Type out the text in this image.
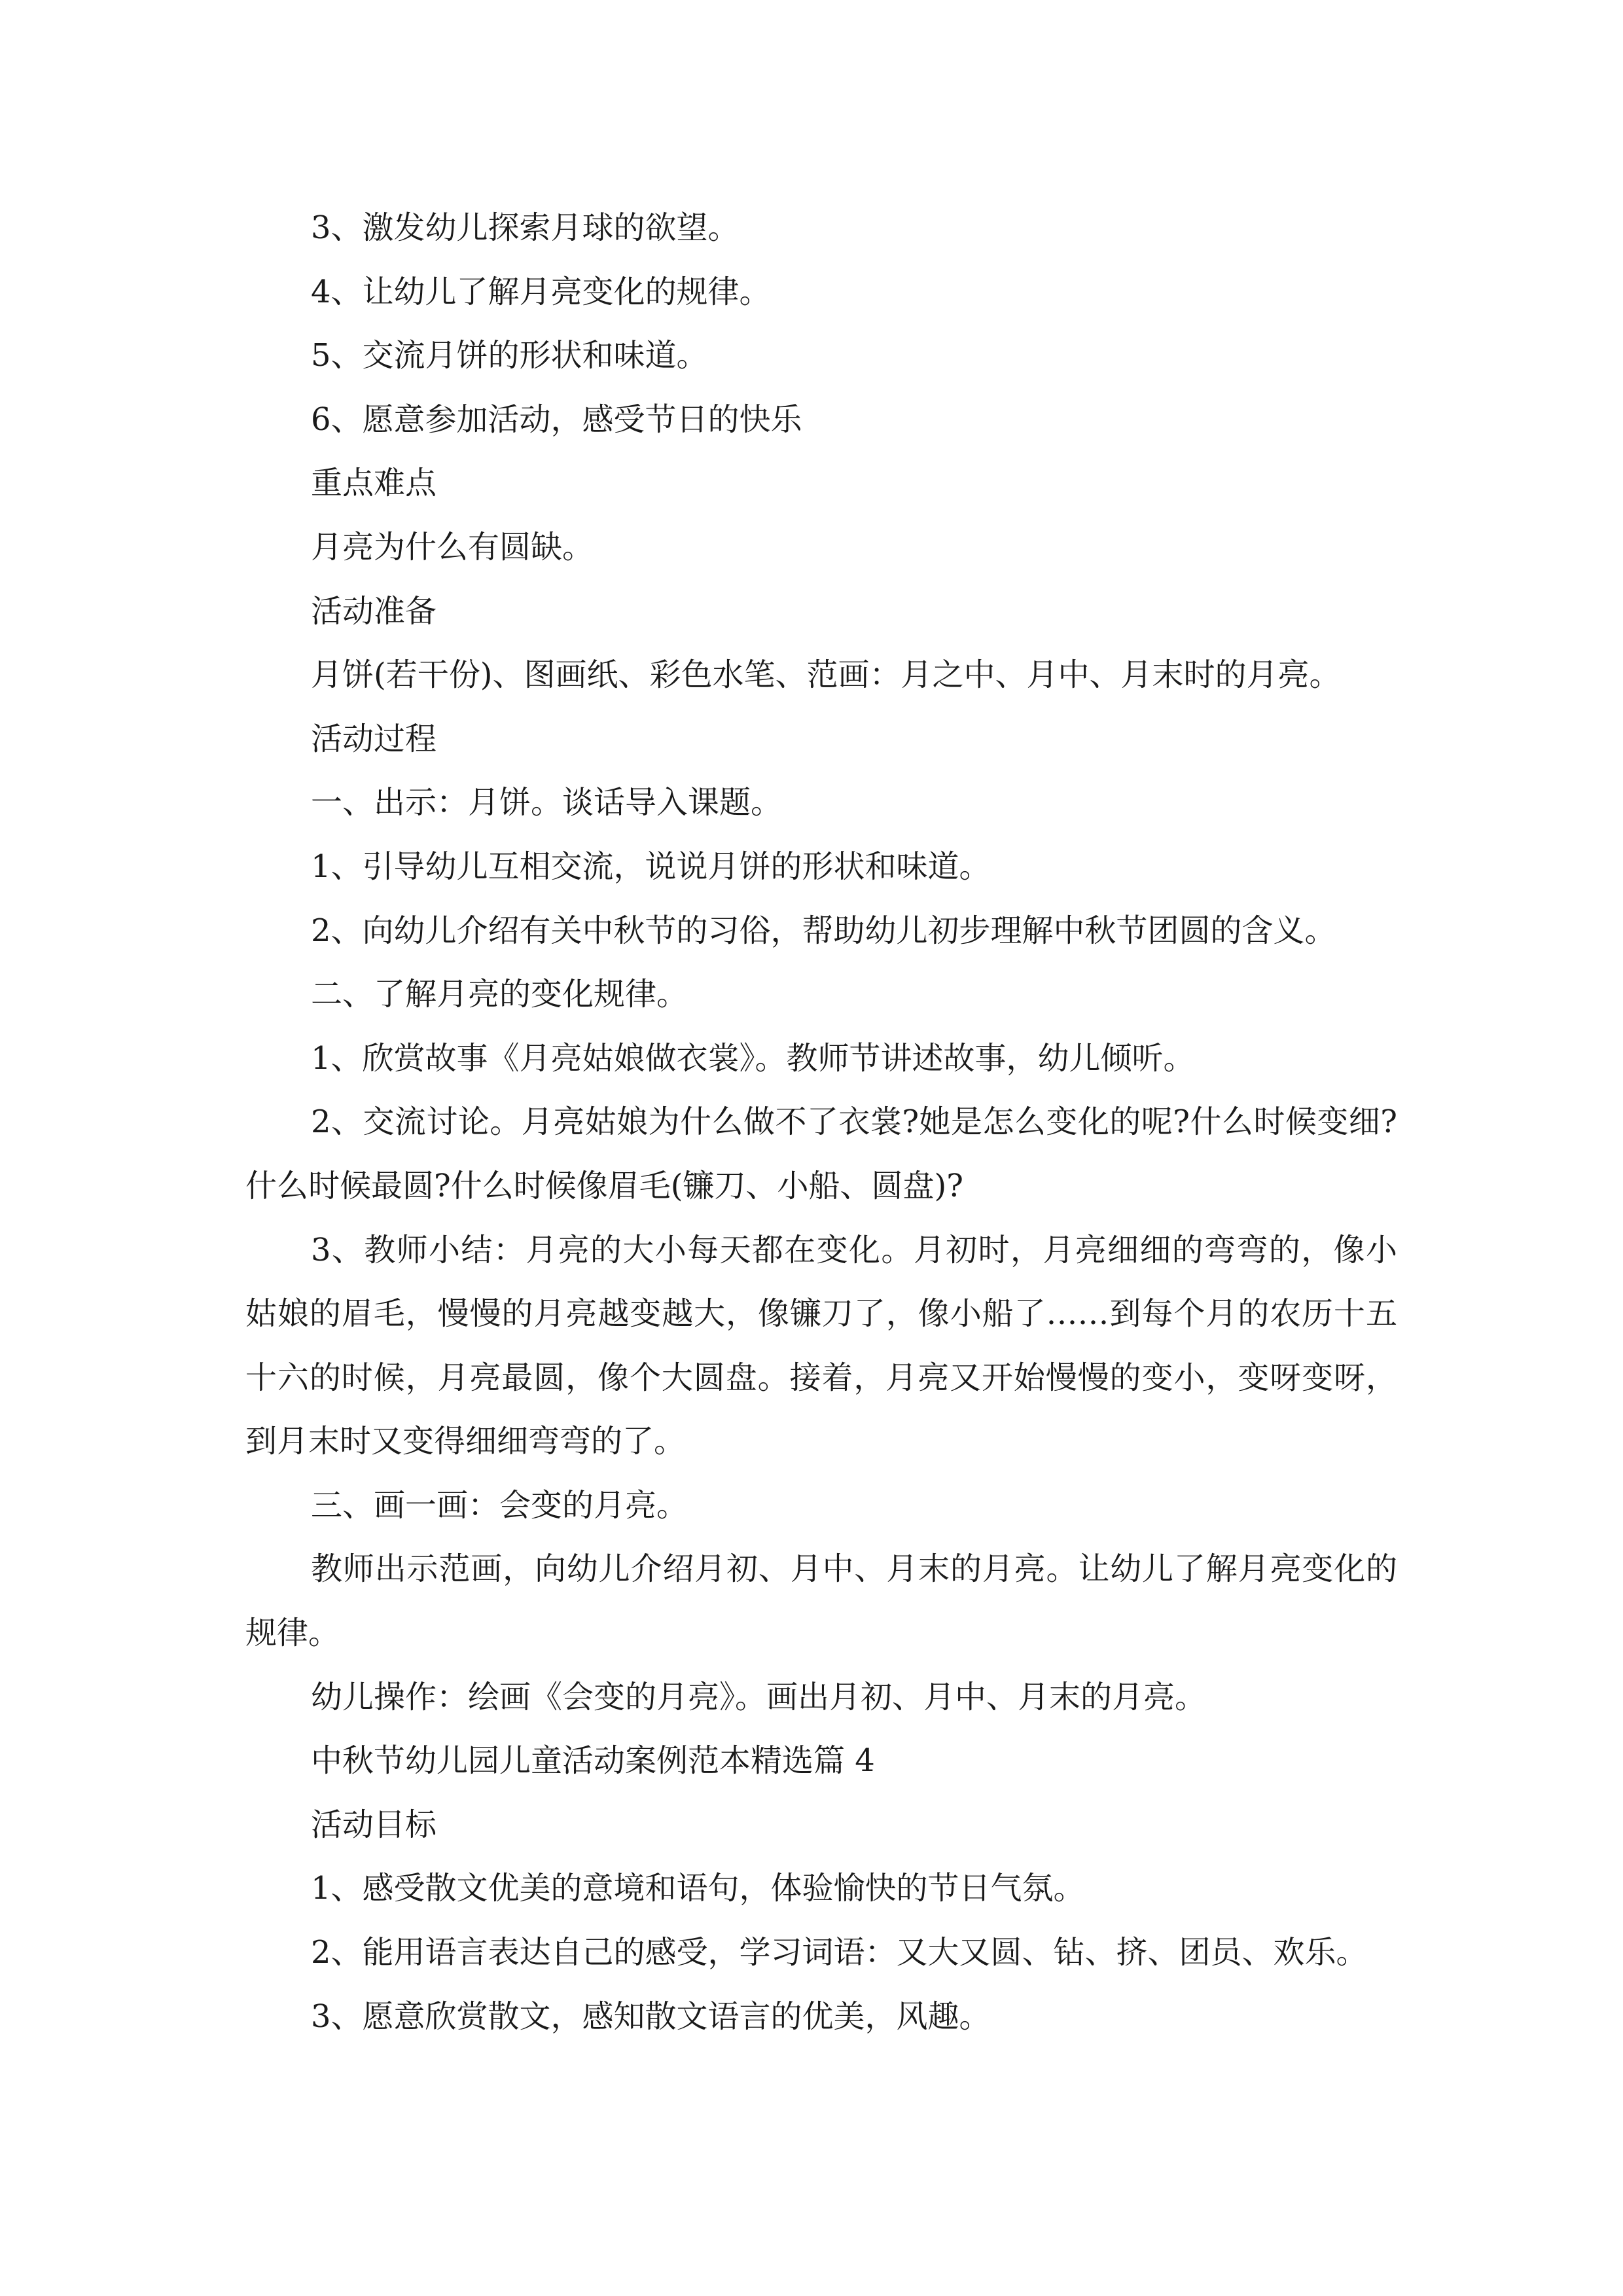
3、激发幼儿探索月球的欲望。
4、让幼儿了解月亮变化的规律。
5、交流月饼的形状和味道。
6、愿意参加活动，感受节日的快乐
重点难点
月亮为什么有圆缺。
活动准备
月饼(若干份)、图画纸、彩色水笔、范画：月之中、月中、月末时的月亮。
活动过程
一、出示：月饼。谈话导入课题。
1、引导幼儿互相交流，说说月饼的形状和味道。
2、向幼儿介绍有关中秋节的习俗，帮助幼儿初步理解中秋节团圆的含义。
二、了解月亮的变化规律。
1、欣赏故事《月亮姑娘做衣裳》。教师节讲述故事，幼儿倾听。

2、交流讨论。月亮姑娘为什么做不了衣裳?她是怎么变化的呢?什么时候变细?什么时候最圆?什么时候像眉毛(镰刀、小船、圆盘)?

3、教师小结：月亮的大小每天都在变化。月初时，月亮细细的弯弯的，像小姑娘的眉毛，慢慢的月亮越变越大，像镰刀了，像小船了……到每个月的农历十五十六的时候，月亮最圆，像个大圆盘。接着，月亮又开始慢慢的变小，变呀变呀，到月末时又变得细细弯弯的了。

三、画一画：会变的月亮。

教师出示范画，向幼儿介绍月初、月中、月末的月亮。让幼儿了解月亮变化的规律。

幼儿操作：绘画《会变的月亮》。画出月初、月中、月末的月亮。
中秋节幼儿园儿童活动案例范本精选篇 4
活动目标
1、感受散文优美的意境和语句，体验愉快的节日气氛。
2、能用语言表达自己的感受，学习词语：又大又圆、钻、挤、团员、欢乐。
3、愿意欣赏散文，感知散文语言的优美，风趣。
